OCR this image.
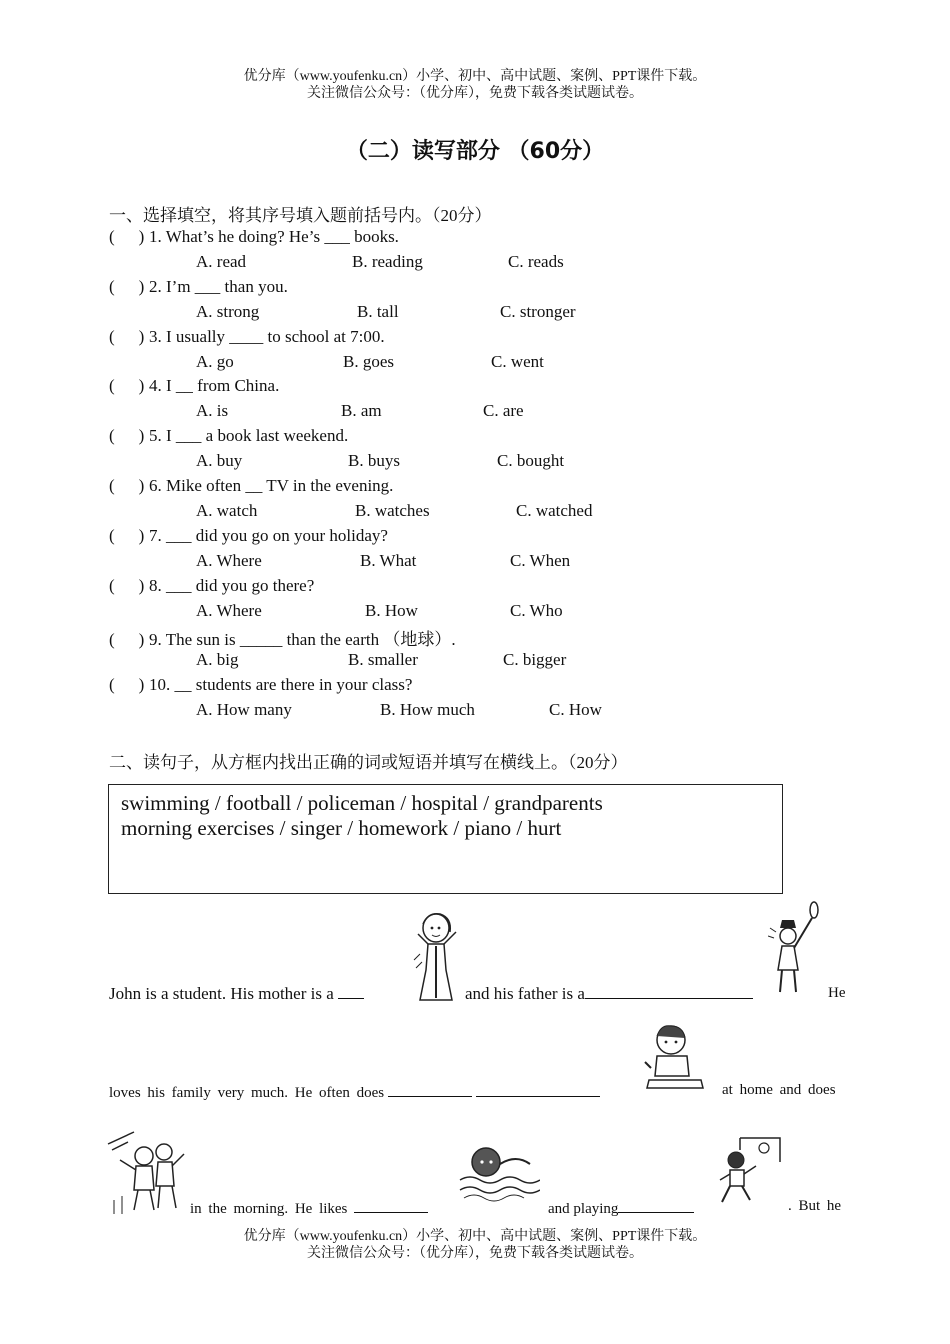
优分库（www.youfenku.cn）小学、初中、高中试题、案例、PPT课件下载。
关注微信公众号：（优分库），免费下载各类试题试卷。
（二）读写部分 （60分）
一、选择填空，将其序号填入题前括号内。（20分）
( ) 1. What’s he doing? He’s ___ books.
A. read	B. reading	C. reads
( ) 2. I’m ___ than you.
A. strong	B. tall	C. stronger
( ) 3. I usually ____ to school at 7:00.
A. go	B. goes	C. went
( ) 4. I __ from China.
A. is	B. am	C. are
( ) 5. I ___ a book last weekend.
A. buy	B. buys	C. bought
( ) 6. Mike often __ TV in the evening.
A. watch	B. watches	C. watched
( ) 7. ___ did you go on your holiday?
A. Where	B. What	C. When
( ) 8. ___ did you go there?
A. Where	B. How	C. Who
( ) 9. The sun is _____ than the earth （地球）.
A. big	B. smaller	C. bigger
( ) 10. __ students are there in your class?
A. How many	B. How much	C. How
二、读句子，从方框内找出正确的词或短语并填写在横线上。（20分）
swimming / football / policeman / hospital / grandparents
morning exercises / singer / homework / piano / hurt
John is a student. His mother is a	and his father is a	He
loves his family very much. He often does	at home and does
in the morning. He likes	and playing	. But he
优分库（www.youfenku.cn）小学、初中、高中试题、案例、PPT课件下载。
关注微信公众号：（优分库），免费下载各类试题试卷。
